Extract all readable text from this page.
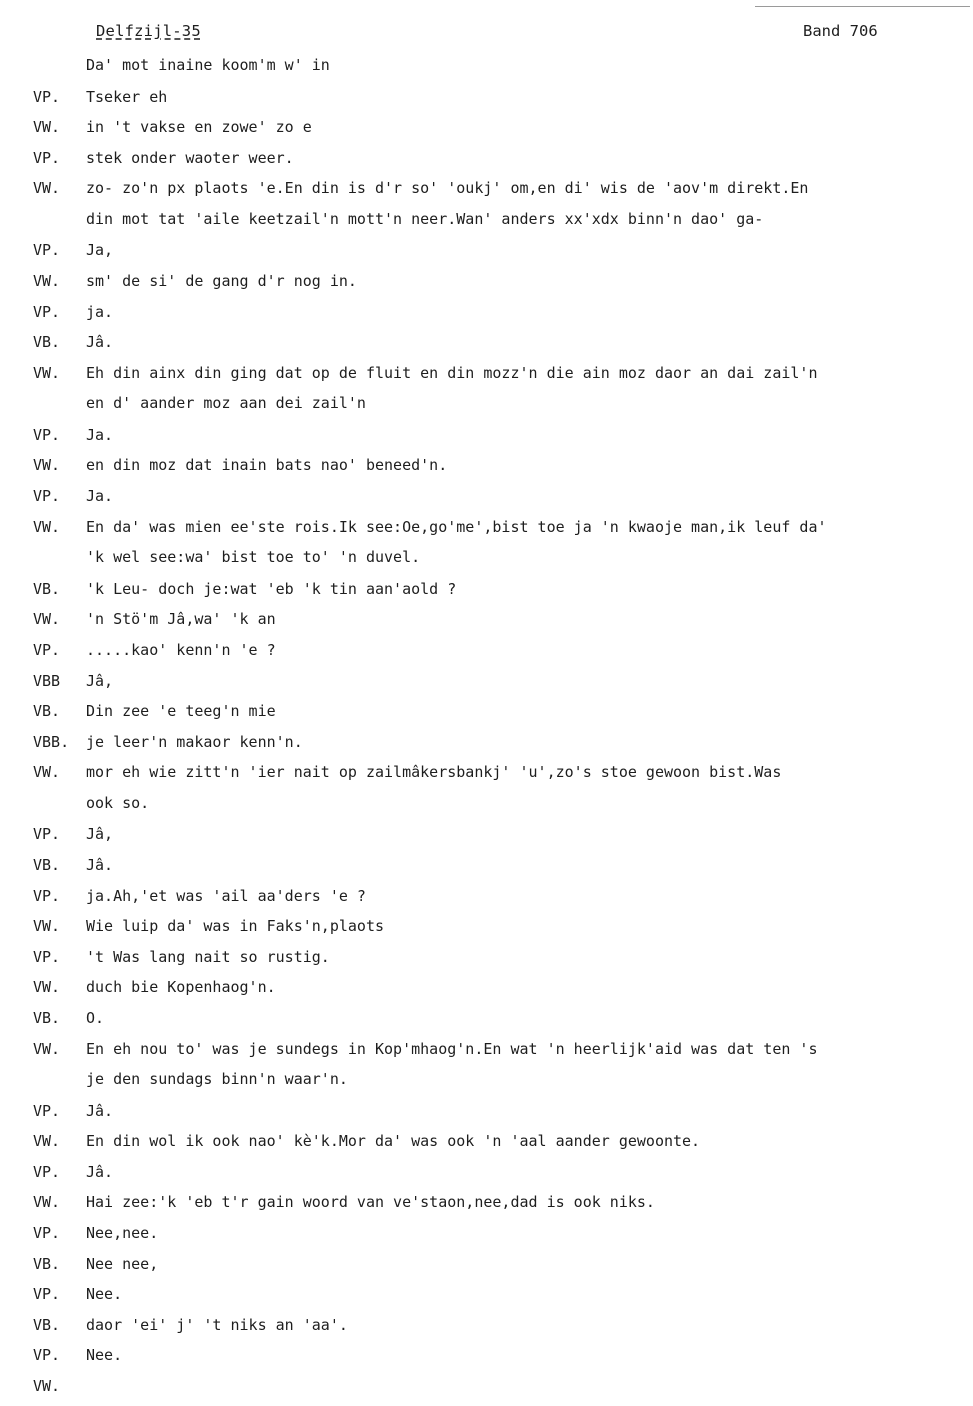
Delfzijl-35	Band 706
Da' mot inaine koom'm w' in
VP.	Tseker eh
VW.	in 't vakse en zowe' zo e
VP.	stek onder waoter weer.
VW.	zo- zo'n px plaots 'e.En din is d'r so' 'oukj' om,en di' wis de 'aov'm direkt.En
din mot tat 'aile keetzail'n mott'n neer.Wan' anders xx'xdx binn'n dao' ga-
VP.	Ja,
VW.	sm' de si' de gang d'r nog in.
VP.	ja.
VB.	Jâ.
VW.	Eh din ainx din ging dat op de fluit en din mozz'n die ain moz daor an dai zail'n
en d' aander moz aan dei zail'n
VP.	Ja.
VW.	en din moz dat inain bats nao' beneed'n.
VP.	Ja.
VW.	En da' was mien ee'ste rois.Ik see:Oe,go'me',bist toe ja 'n kwaoje man,ik leuf da'
'k wel see:wa' bist toe to' 'n duvel.
VB.	'k Leu- doch je:wat 'eb 'k tin aan'aold ?
VW.	'n Stö'm Jâ,wa' 'k an
VP.	.....kao' kenn'n 'e ?
VBB	Jâ,
VB.	Din zee 'e teeg'n mie
VBB.	je leer'n makaor kenn'n.
VW.	mor eh wie zitt'n 'ier nait op zailmâkersbankj' 'u',zo's stoe gewoon bist.Was
ook so.
VP.	Jâ,
VB.	Jâ.
VP.	ja.Ah,'et was 'ail aa'ders 'e ?
VW.	Wie luip da' was in Faks'n,plaots
VP.	't Was lang nait so rustig.
VW.	duch bie Kopenhaog'n.
VB.	O.
VW.	En eh nou to' was je sundegs in Kop'mhaog'n.En wat 'n heerlijk'aid was dat ten 's
je den sundags binn'n waar'n.
VP.	Jâ.
VW.	En din wol ik ook nao' kè'k.Mor da' was ook 'n 'aal aander gewoonte.
VP.	Jâ.
VW.	Hai zee:'k 'eb t'r gain woord van ve'staon,nee,dad is ook niks.
VP.	Nee,nee.
VB.	Nee nee,
VP.	Nee.
VB.	daor 'ei' j' 't niks an 'aa'.
VP.	Nee.
VW.
